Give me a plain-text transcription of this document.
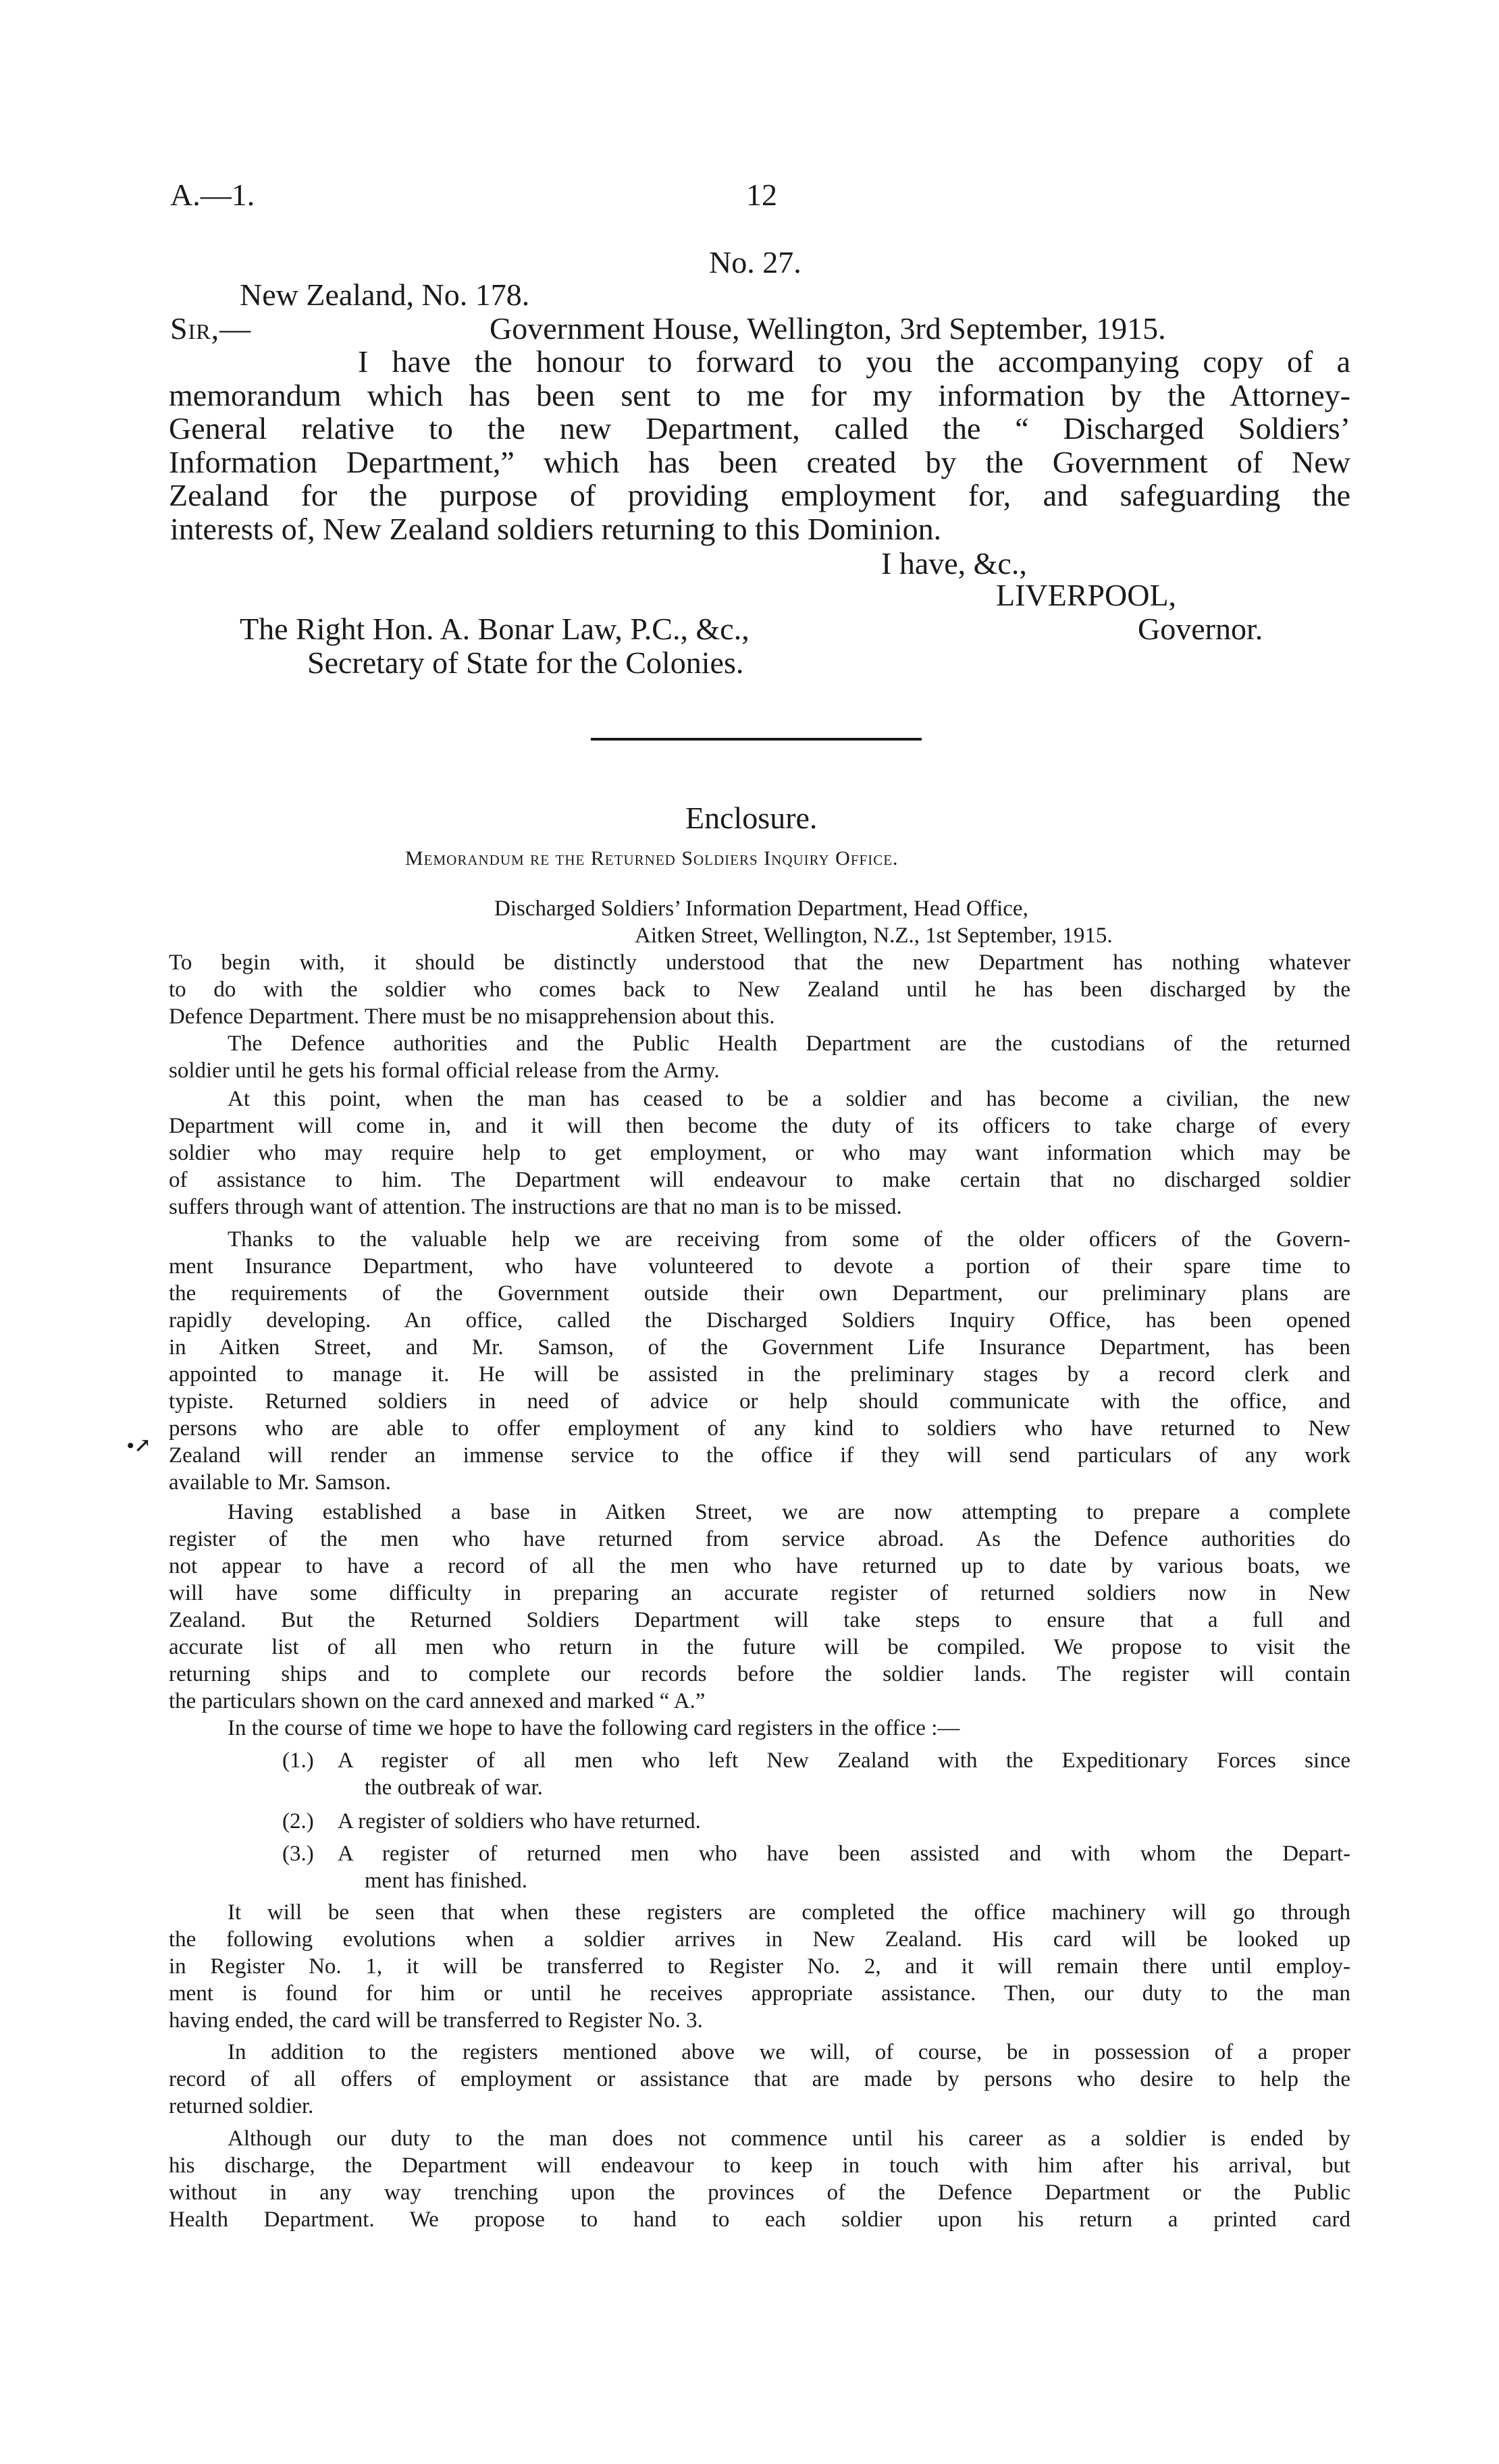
A.—1.	12
No. 27.
New Zealand, No. 178.
Sir,—	Government House, Wellington, 3rd September, 1915.
I have the honour to forward to you the accompanying copy of a
memorandum which has been sent to me for my information by the Attorney-
General relative to the new Department, called the “ Discharged Soldiers’
Information Department,” which has been created by the Government of New
Zealand for the purpose of providing employment for, and safeguarding the
interests of, New Zealand soldiers returning to this Dominion.
I have, &c.,
LIVERPOOL,
The Right Hon. A. Bonar Law, P.C., &c.,	Governor.
Secretary of State for the Colonies.
Enclosure.
Memorandum re the Returned Soldiers Inquiry Office.
Discharged Soldiers’ Information Department, Head Office,
Aitken Street, Wellington, N.Z., 1st September, 1915.
To begin with, it should be distinctly understood that the new Department has nothing whatever
to do with the soldier who comes back to New Zealand until he has been discharged by the
Defence Department. There must be no misapprehension about this.
The Defence authorities and the Public Health Department are the custodians of the returned
soldier until he gets his formal official release from the Army.
At this point, when the man has ceased to be a soldier and has become a civilian, the new
Department will come in, and it will then become the duty of its officers to take charge of every
soldier who may require help to get employment, or who may want information which may be
of assistance to him. The Department will endeavour to make certain that no discharged soldier
suffers through want of attention. The instructions are that no man is to be missed.
Thanks to the valuable help we are receiving from some of the older officers of the Govern-
ment Insurance Department, who have volunteered to devote a portion of their spare time to
the requirements of the Government outside their own Department, our preliminary plans are
rapidly developing. An office, called the Discharged Soldiers Inquiry Office, has been opened
in Aitken Street, and Mr. Samson, of the Government Life Insurance Department, has been
appointed to manage it. He will be assisted in the preliminary stages by a record clerk and
typiste. Returned soldiers in need of advice or help should communicate with the office, and
persons who are able to offer employment of any kind to soldiers who have returned to New
Zealand will render an immense service to the office if they will send particulars of any work
available to Mr. Samson.
•↗
Having established a base in Aitken Street, we are now attempting to prepare a complete
register of the men who have returned from service abroad. As the Defence authorities do
not appear to have a record of all the men who have returned up to date by various boats, we
will have some difficulty in preparing an accurate register of returned soldiers now in New
Zealand. But the Returned Soldiers Department will take steps to ensure that a full and
accurate list of all men who return in the future will be compiled. We propose to visit the
returning ships and to complete our records before the soldier lands. The register will contain
the particulars shown on the card annexed and marked “ A.”
In the course of time we hope to have the following card registers in the office :—
(1.) A register of all men who left New Zealand with the Expeditionary Forces since
the outbreak of war.
(2.) A register of soldiers who have returned.
(3.) A register of returned men who have been assisted and with whom the Depart-
ment has finished.
It will be seen that when these registers are completed the office machinery will go through
the following evolutions when a soldier arrives in New Zealand. His card will be looked up
in Register No. 1, it will be transferred to Register No. 2, and it will remain there until employ-
ment is found for him or until he receives appropriate assistance. Then, our duty to the man
having ended, the card will be transferred to Register No. 3.
In addition to the registers mentioned above we will, of course, be in possession of a proper
record of all offers of employment or assistance that are made by persons who desire to help the
returned soldier.
Although our duty to the man does not commence until his career as a soldier is ended by
his discharge, the Department will endeavour to keep in touch with him after his arrival, but
without in any way trenching upon the provinces of the Defence Department or the Public
Health Department. We propose to hand to each soldier upon his return a printed card
